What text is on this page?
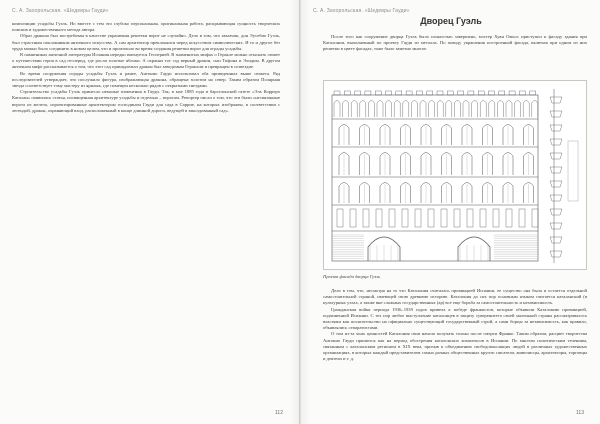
С. А. Захорольская. «Шедевры Гауди»

композиции усадьбы Гуэль. Но вместе с тем это глубоко персональная, оригинальная работа, раскрывающая сущность творческих поисков и художественного метода автора.

Образ дракона был востребован в качестве украшения решетки ворот не случайно. Дело в том, что заказчик, дон Эусебио Гуэль, был страстным поклонником античного искусства. А сам архитектор преклонялся перед искусством символических. И то и другое без труда можно было соединить в новом целом, что и произошло во время создания решетки ворот для ограды усадьбы.

В памятниках античной литературы Испания нередко именуется Гесперией. В знаменитых мифах о Геракле можно отыскать сюжет о путешествии героя в сад гесперид, где росли золотые яблоки. А охранял тот сад верный дракон, сын Тифона и Эхидны. В другом античном мифе рассказывается о том, что этот сад принадлежал дракон был заведомым Гераклом и превращен в созвездие.

Во время сооружения ограды усадьбы Гуэль и ранее, Антонио Гауди использовал оба приведенных выше сюжета. Ряд исследователей утверждает, что послужило фигура, изображающая дракона, обращена золотом на север. Таким образом Полярная звезда соответствует тому мастеру из ярнлык, где помещен несколько рядов с открытыми гнездами.

Строительство усадьбы Гуэль принесло немалые изменения в Гауди. Так, в мае 1885 года в барселонской газете «Эль Корреро Каталан» появилась статья, посвященная архитектуре усадьбы и отдельно – воротам. Репортер писал о том, что эти были «несвязанные ворота из железа, спроектированные архитектором господином Гауди для сада в Саррие, на которых изображен, в соответствии с легендой, дракон, охраняющий вход, расположенный в конце длинной дороги, ведущей в заколдованный сад».

112
С. А. Захорольская. «Шедевры Гауди»
Дворец Гуэль

После того как сооружение дворца Гуэль было полностью завершено, мэстер Хуан Омьос приступил к фасаду здания при Каталонии, выполненный по проекту Гауди из металла. По поводу украшения построенной фасада, включая при одном из них решетки в цвете фасадах, тоже было заметно многое.

Проект фасада дворца Гуэль

Дело в том, что, несмотря на то что Каталония считалась провинцией Испании, ее существо она была и остается отдельной самостоятельной страной, имеющей свою древнюю историю. Каталония до сих пор основным языком считается каталанский (в культурных узлах, а также вне сложных государственных (ар) все еще борьба за самостоятельность и независимость.

Гражданская война периода 1936–1939 годов привела к победе франкистов, которые объявили Каталонию провинцией, подчиненной Испании. С тех пор любое выступление каталонцев в защиту суверенитета своей маленькой страны рассматривалось властями как посягательство на официально существующий государственный строй, а сами борцы за независимость, как правило, объявлялись сепаратистами.

О том из-за чьих ценностей Каталония свои начала получать только после смерти Франко. Таким образом, расцвет творчества Антонио Гауди пришелся как на период обострения каталонских комплексов в Испании. По многим политическим течениям, связанным с каталонским регионом в XIX века, призыв к объединению свободомыслящих людей в различных художественных организациях, в которых каждый представителем самых разных общественных кругов: писатели, живописцы, архитекторы, торговцы и деятели и т. д.

113
